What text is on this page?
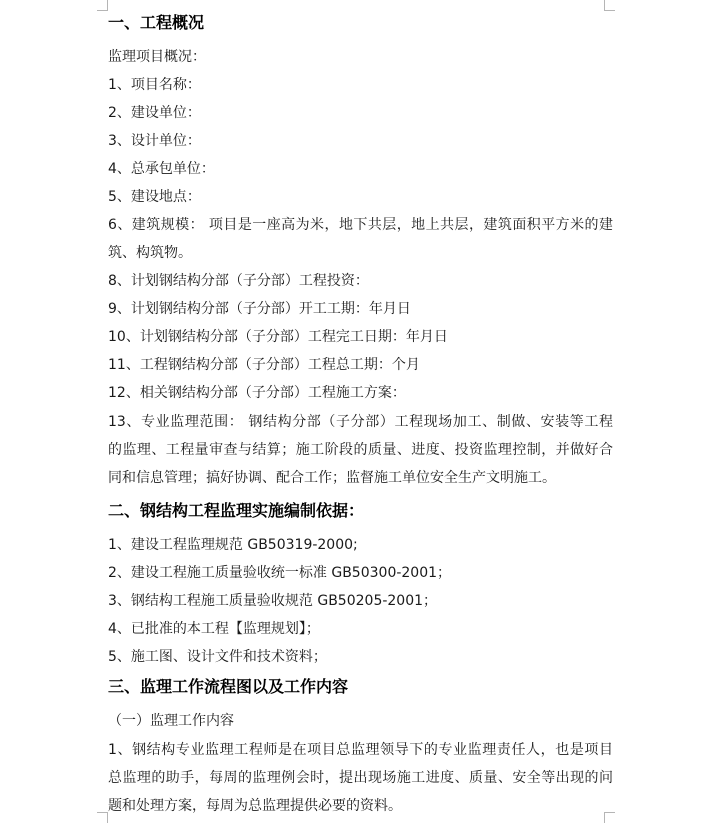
一、工程概况
监理项目概况：
1、项目名称：
2、建设单位：
3、设计单位：
4、总承包单位：
5、建设地点：
6、建筑规模： 项目是一座高为米，地下共层，地上共层，建筑面积平方米的建
筑、构筑物。
8、计划钢结构分部（子分部）工程投资：
9、计划钢结构分部（子分部）开工工期：年月日
10、计划钢结构分部（子分部）工程完工日期：年月日
11、工程钢结构分部（子分部）工程总工期：个月
12、相关钢结构分部（子分部）工程施工方案：
13、专业监理范围： 钢结构分部（子分部）工程现场加工、制做、安装等工程
的监理、工程量审查与结算；施工阶段的质量、进度、投资监理控制，并做好合
同和信息管理；搞好协调、配合工作；监督施工单位安全生产文明施工。
二、钢结构工程监理实施编制依据：
1、建设工程监理规范 GB50319-2000;
2、建设工程施工质量验收统一标准 GB50300-2001；
3、钢结构工程施工质量验收规范 GB50205-2001；
4、已批准的本工程【监理规划】；
5、施工图、设计文件和技术资料；
三、监理工作流程图以及工作内容
（一）监理工作内容
1、钢结构专业监理工程师是在项目总监理领导下的专业监理责任人，也是项目
总监理的助手，每周的监理例会时，提出现场施工进度、质量、安全等出现的问
题和处理方案，每周为总监理提供必要的资料。
